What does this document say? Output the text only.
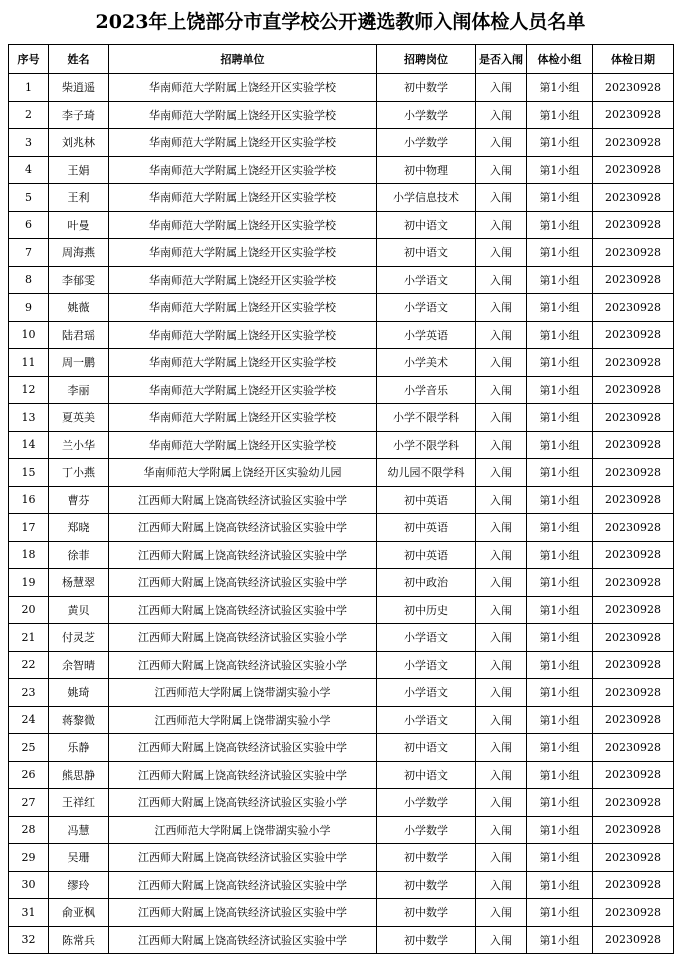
2023年上饶部分市直学校公开遴选教师入闱体检人员名单
序号	姓名	招聘单位	招聘岗位	是否入闱	体检小组	体检日期
1	柴逍遥	华南师范大学附属上饶经开区实验学校	初中数学	入闱	第1小组	20230928
2	李子琦	华南师范大学附属上饶经开区实验学校	小学数学	入闱	第1小组	20230928
3	刘兆林	华南师范大学附属上饶经开区实验学校	小学数学	入闱	第1小组	20230928
4	王娟	华南师范大学附属上饶经开区实验学校	初中物理	入闱	第1小组	20230928
5	王利	华南师范大学附属上饶经开区实验学校	小学信息技术	入闱	第1小组	20230928
6	叶曼	华南师范大学附属上饶经开区实验学校	初中语文	入闱	第1小组	20230928
7	周海燕	华南师范大学附属上饶经开区实验学校	初中语文	入闱	第1小组	20230928
8	李郁雯	华南师范大学附属上饶经开区实验学校	小学语文	入闱	第1小组	20230928
9	姚薇	华南师范大学附属上饶经开区实验学校	小学语文	入闱	第1小组	20230928
10	陆君瑶	华南师范大学附属上饶经开区实验学校	小学英语	入闱	第1小组	20230928
11	周一鹏	华南师范大学附属上饶经开区实验学校	小学美术	入闱	第1小组	20230928
12	李丽	华南师范大学附属上饶经开区实验学校	小学音乐	入闱	第1小组	20230928
13	夏英美	华南师范大学附属上饶经开区实验学校	小学不限学科	入闱	第1小组	20230928
14	兰小华	华南师范大学附属上饶经开区实验学校	小学不限学科	入闱	第1小组	20230928
15	丁小燕	华南师范大学附属上饶经开区实验幼儿园	幼儿园不限学科	入闱	第1小组	20230928
16	曹芬	江西师大附属上饶高铁经济试验区实验中学	初中英语	入闱	第1小组	20230928
17	郑晓	江西师大附属上饶高铁经济试验区实验中学	初中英语	入闱	第1小组	20230928
18	徐菲	江西师大附属上饶高铁经济试验区实验中学	初中英语	入闱	第1小组	20230928
19	杨慧翠	江西师大附属上饶高铁经济试验区实验中学	初中政治	入闱	第1小组	20230928
20	黄贝	江西师大附属上饶高铁经济试验区实验中学	初中历史	入闱	第1小组	20230928
21	付灵芝	江西师大附属上饶高铁经济试验区实验小学	小学语文	入闱	第1小组	20230928
22	余智晴	江西师大附属上饶高铁经济试验区实验小学	小学语文	入闱	第1小组	20230928
23	姚琦	江西师范大学附属上饶带湖实验小学	小学语文	入闱	第1小组	20230928
24	蒋黎微	江西师范大学附属上饶带湖实验小学	小学语文	入闱	第1小组	20230928
25	乐静	江西师大附属上饶高铁经济试验区实验中学	初中语文	入闱	第1小组	20230928
26	熊思静	江西师大附属上饶高铁经济试验区实验中学	初中语文	入闱	第1小组	20230928
27	王祥红	江西师大附属上饶高铁经济试验区实验小学	小学数学	入闱	第1小组	20230928
28	冯慧	江西师范大学附属上饶带湖实验小学	小学数学	入闱	第1小组	20230928
29	吴珊	江西师大附属上饶高铁经济试验区实验中学	初中数学	入闱	第1小组	20230928
30	缪玲	江西师大附属上饶高铁经济试验区实验中学	初中数学	入闱	第1小组	20230928
31	俞亚枫	江西师大附属上饶高铁经济试验区实验中学	初中数学	入闱	第1小组	20230928
32	陈常兵	江西师大附属上饶高铁经济试验区实验中学	初中数学	入闱	第1小组	20230928
